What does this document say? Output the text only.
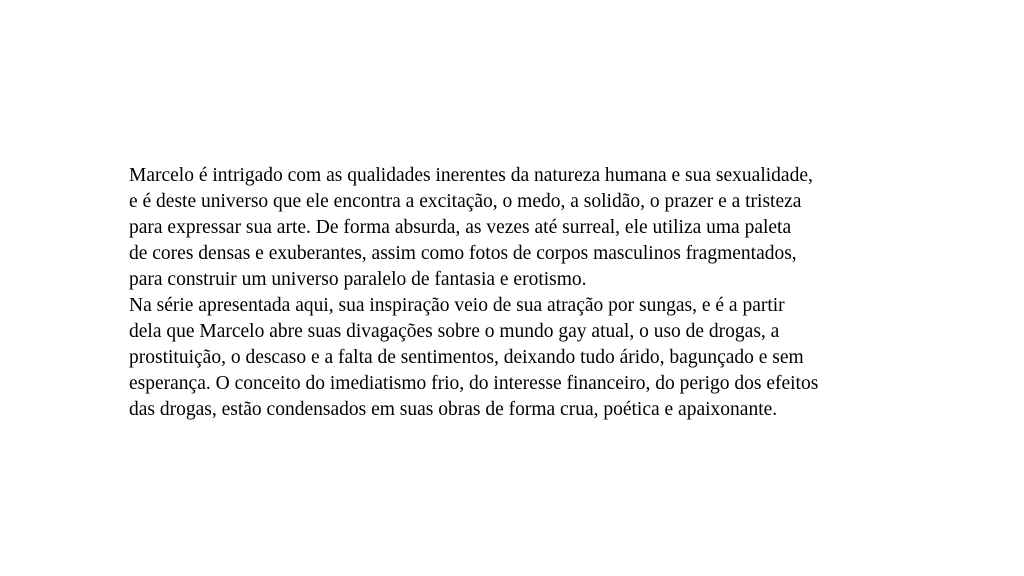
Marcelo é intrigado com as qualidades inerentes da natureza humana e sua sexualidade,
e é deste universo que ele encontra a excitação, o medo, a solidão, o prazer e a tristeza
para expressar sua arte. De forma absurda, as vezes até surreal, ele utiliza uma paleta
de cores densas e exuberantes, assim como fotos de corpos masculinos fragmentados,
para construir um universo paralelo de fantasia e erotismo.
Na série apresentada aqui, sua inspiração veio de sua atração por sungas, e é a partir
dela que Marcelo abre suas divagações sobre o mundo gay atual, o uso de drogas, a
prostituição, o descaso e a falta de sentimentos, deixando tudo árido, bagunçado e sem
esperança. O conceito do imediatismo frio, do interesse financeiro, do perigo dos efeitos
das drogas, estão condensados em suas obras de forma crua, poética e apaixonante.
